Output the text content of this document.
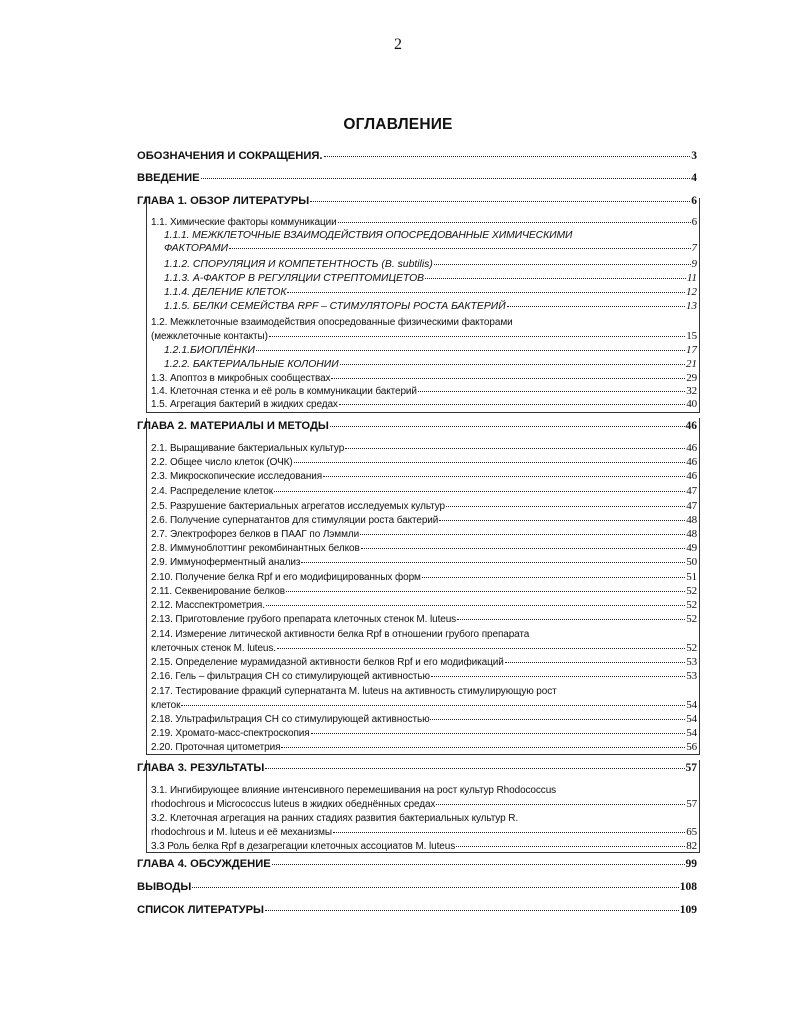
2
ОГЛАВЛЕНИЕ
ОБОЗНАЧЕНИЯ И СОКРАЩЕНИЯ.	3
ВВЕДЕНИЕ	4
ГЛАВА 1. ОБЗОР ЛИТЕРАТУРЫ	6
1.1. Химические факторы коммуникации	6
1.1.1. МЕЖКЛЕТОЧНЫЕ ВЗАИМОДЕЙСТВИЯ ОПОСРЕДОВАННЫЕ ХИМИЧЕСКИМИ
ФАКТОРАМИ	7
1.1.2. СПОРУЛЯЦИЯ И КОМПЕТЕНТНОСТЬ (B. subtilis)	9
1.1.3. А-ФАКТОР В РЕГУЛЯЦИИ СТРЕПТОМИЦЕТОВ	11
1.1.4. ДЕЛЕНИЕ КЛЕТОК	12
1.1.5. БЕЛКИ СЕМЕЙСТВА RPF – СТИМУЛЯТОРЫ РОСТА БАКТЕРИЙ	13
1.2. Межклеточные взаимодействия опосредованные физическими факторами
(межклеточные контакты)	15
1.2.1.БИОПЛЁНКИ	17
1.2.2. БАКТЕРИАЛЬНЫЕ КОЛОНИИ	21
1.3. Апоптоз в микробных сообществах	29
1.4. Клеточная стенка и её роль в коммуникации бактерий	32
1.5. Агрегация бактерий в жидких средах	40
ГЛАВА 2. МАТЕРИАЛЫ И МЕТОДЫ	46
2.1. Выращивание бактериальных культур	46
2.2. Общее число клеток (ОЧК)	46
2.3. Микроскопические исследования	46
2.4. Распределение клеток	47
2.5. Разрушение бактериальных агрегатов исследуемых культур	47
2.6. Получение супернатантов для стимуляции роста бактерий	48
2.7. Электрофорез белков в ПААГ по Лэммли	48
2.8. Иммуноблоттинг рекомбинантных белков	49
2.9. Иммуноферментный анализ	50
2.10. Получение белка Rpf и его модифицированных форм	51
2.11. Секвенирование белков	52
2.12. Масспектрометрия.	52
2.13. Приготовление грубого препарата клеточных стенок M. luteus	52
2.14. Измерение литической активности белка Rpf в отношении грубого препарата
клеточных стенок M. luteus.	52
2.15. Определение мурамидазной активности белков Rpf и его модификаций	53
2.16. Гель – фильтрация СН со стимулирующей активностью	53
2.17. Тестирование фракций супернатанта M. luteus на активность стимулирующую рост
клеток	54
2.18. Ультрафильтрация СН со стимулирующей активностью	54
2.19. Хромато-масс-спектроскопия	54
2.20. Проточная цитометрия	56
ГЛАВА 3. РЕЗУЛЬТАТЫ	57
3.1. Ингибирующее влияние интенсивного перемешивания на рост культур Rhodococcus
rhodochrous и Micrococcus luteus в жидких обеднённых средах	57
3.2. Клеточная агрегация на ранних стадиях развития бактериальных культур R.
rhodochrous и M. luteus и её механизмы	65
3.3 Роль белка Rpf в дезагрегации клеточных ассоциатов M. luteus	82
ГЛАВА 4. ОБСУЖДЕНИЕ	99
ВЫВОДЫ	108
СПИСОК ЛИТЕРАТУРЫ	109
